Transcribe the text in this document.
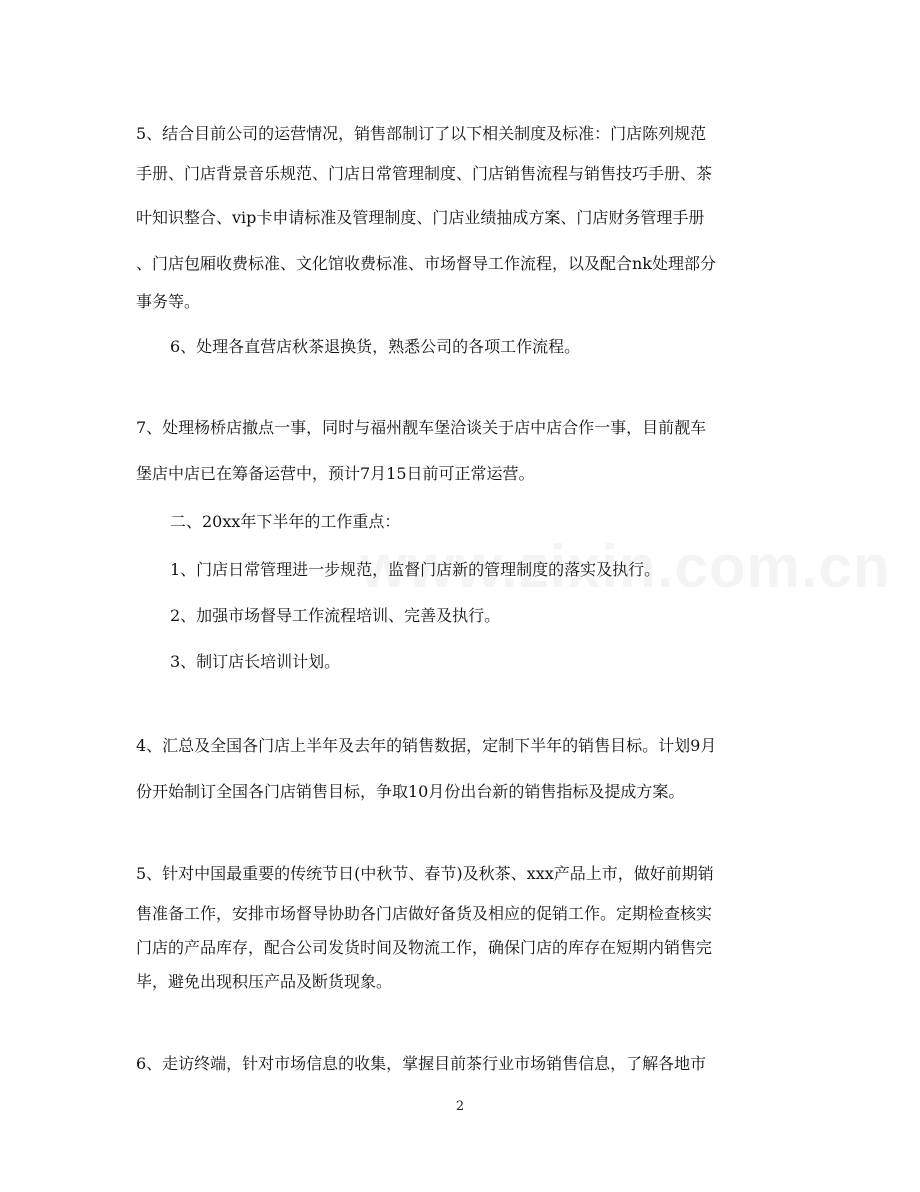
5、结合目前公司的运营情况，销售部制订了以下相关制度及标准：门店陈列规范
手册、门店背景音乐规范、门店日常管理制度、门店销售流程与销售技巧手册、茶
叶知识整合、vip卡申请标准及管理制度、门店业绩抽成方案、门店财务管理手册
、门店包厢收费标准、文化馆收费标准、市场督导工作流程，以及配合nk处理部分
事务等。
6、处理各直营店秋茶退换货，熟悉公司的各项工作流程。
7、处理杨桥店撤点一事，同时与福州靓车堡洽谈关于店中店合作一事，目前靓车
堡店中店已在筹备运营中，预计7月15日前可正常运营。
二、20xx年下半年的工作重点：
1、门店日常管理进一步规范，监督门店新的管理制度的落实及执行。
2、加强市场督导工作流程培训、完善及执行。
3、制订店长培训计划。
4、汇总及全国各门店上半年及去年的销售数据，定制下半年的销售目标。计划9月
份开始制订全国各门店销售目标，争取10月份出台新的销售指标及提成方案。
5、针对中国最重要的传统节日(中秋节、春节)及秋茶、xxx产品上市，做好前期销
售准备工作，安排市场督导协助各门店做好备货及相应的促销工作。定期检查核实
门店的产品库存，配合公司发货时间及物流工作，确保门店的库存在短期内销售完
毕，避免出现积压产品及断货现象。
6、走访终端，针对市场信息的收集，掌握目前茶行业市场销售信息，了解各地市
2
